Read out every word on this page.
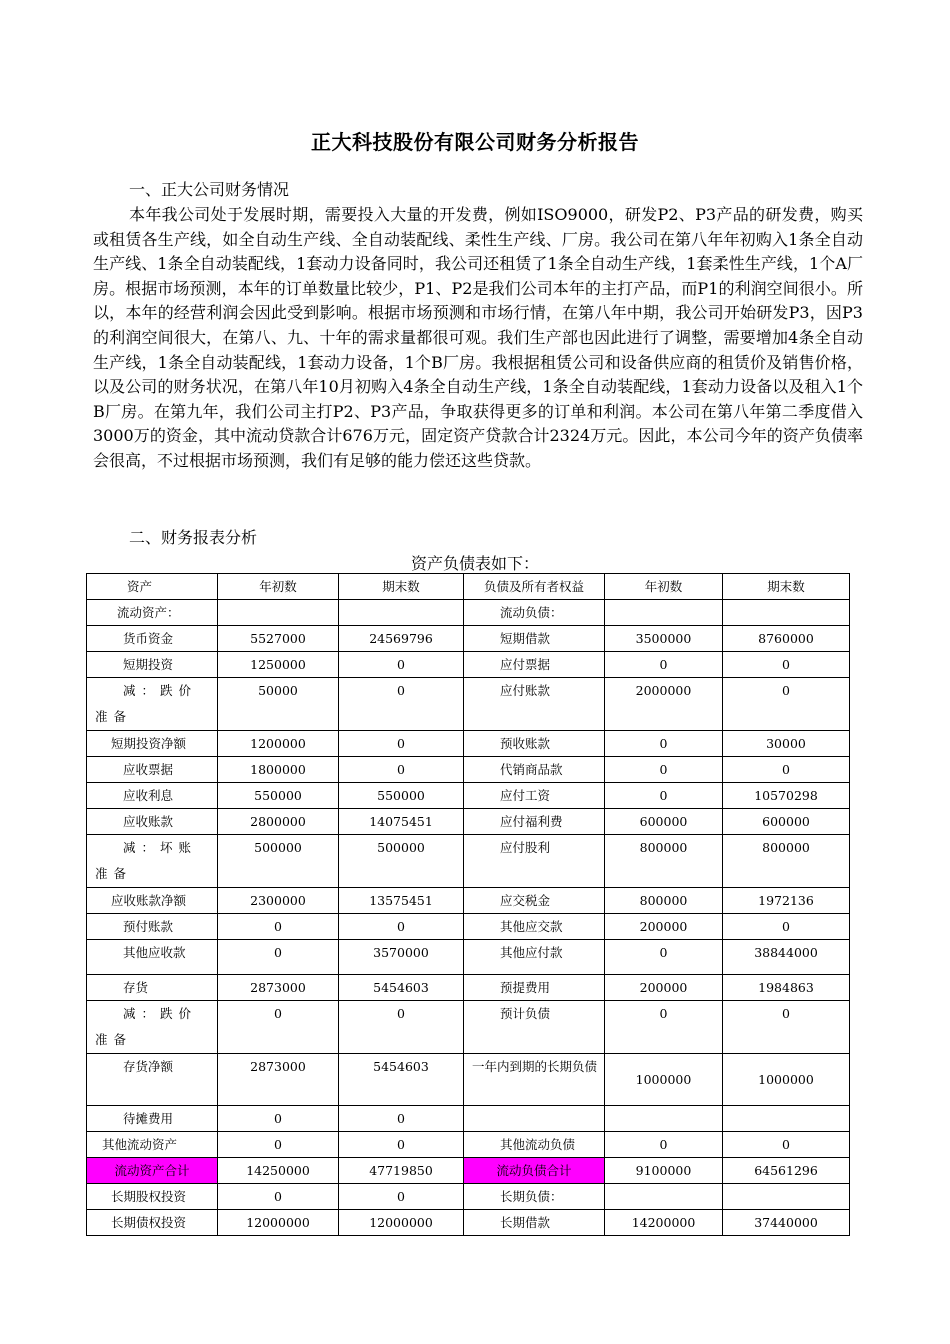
正大科技股份有限公司财务分析报告
一、正大公司财务情况
本年我公司处于发展时期，需要投入大量的开发费，例如ISO9000，研发P2、P3产品的研发费，购买或租赁各生产线，如全自动生产线、全自动装配线、柔性生产线、厂房。我公司在第八年年初购入1条全自动生产线、1条全自动装配线，1套动力设备同时，我公司还租赁了1条全自动生产线，1套柔性生产线，1个A厂房。根据市场预测，本年的订单数量比较少，P1、P2是我们公司本年的主打产品，而P1的利润空间很小。所以，本年的经营利润会因此受到影响。根据市场预测和市场行情，在第八年中期，我公司开始研发P3，因P3的利润空间很大，在第八、九、十年的需求量都很可观。我们生产部也因此进行了调整，需要增加4条全自动生产线，1条全自动装配线，1套动力设备，1个B厂房。我根据租赁公司和设备供应商的租赁价及销售价格，以及公司的财务状况，在第八年10月初购入4条全自动生产线，1条全自动装配线，1套动力设备以及租入1个B厂房。在第九年，我们公司主打P2、P3产品，争取获得更多的订单和利润。本公司在第八年第二季度借入3000万的资金，其中流动贷款合计676万元，固定资产贷款合计2324万元。因此，本公司今年的资产负债率会很高，不过根据市场预测，我们有足够的能力偿还这些贷款。
二、财务报表分析
资产负债表如下：
资产	年初数	期末数	负债及所有者权益	年初数	期末数
流动资产：			流动负债：		
货币资金	5527000	24569796	短期借款	3500000	8760000
短期投资	1250000	0	应付票据	0	0
减：跌价准备	50000	0	应付账款	2000000	0
短期投资净额	1200000	0	预收账款	0	30000
应收票据	1800000	0	代销商品款	0	0
应收利息	550000	550000	应付工资	0	10570298
应收账款	2800000	14075451	应付福利费	600000	600000
减：坏账准备	500000	500000	应付股利	800000	800000
应收账款净额	2300000	13575451	应交税金	800000	1972136
预付账款	0	0	其他应交款	200000	0
其他应收款	0	3570000	其他应付款	0	38844000
存货	2873000	5454603	预提费用	200000	1984863
减：跌价准备	0	0	预计负债	0	0
存货净额	2873000	5454603	一年内到期的长期负债	1000000	1000000
待摊费用	0	0			
其他流动资产	0	0	其他流动负债	0	0
流动资产合计	14250000	47719850	流动负债合计	9100000	64561296
长期股权投资	0	0	长期负债：		
长期债权投资	12000000	12000000	长期借款	14200000	37440000
